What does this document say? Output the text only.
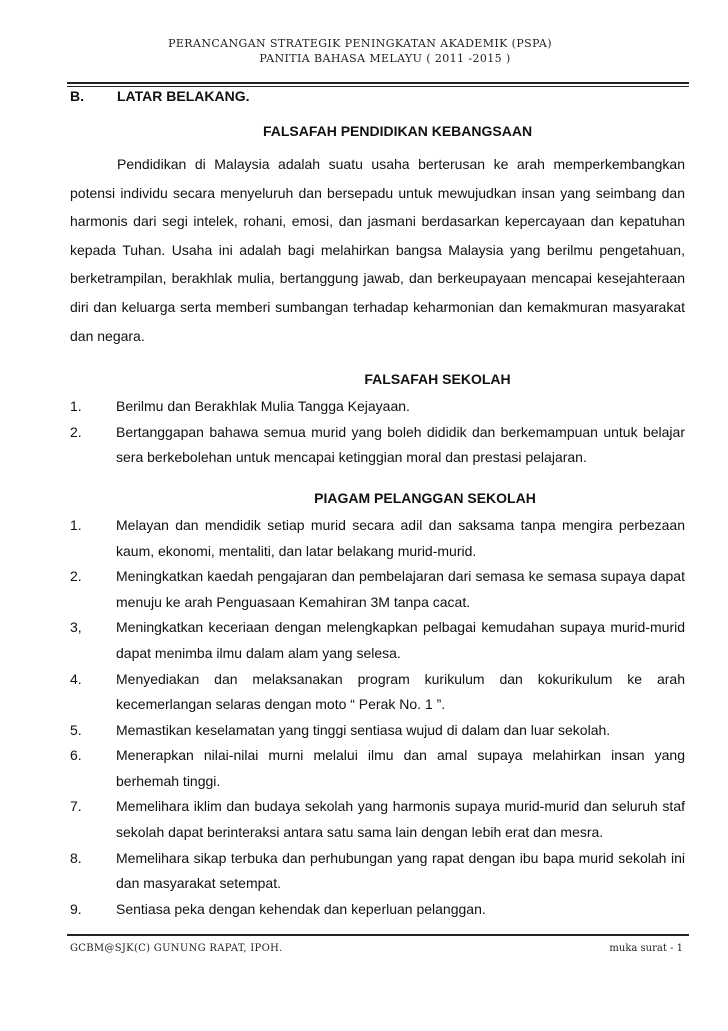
PERANCANGAN STRATEGIK PENINGKATAN AKADEMIK (PSPA)
PANITIA BAHASA MELAYU ( 2011 -2015 )
B. LATAR BELAKANG.

FALSAFAH PENDIDIKAN KEBANGSAAN

Pendidikan di Malaysia adalah suatu usaha berterusan ke arah memperkembangkan potensi individu secara menyeluruh dan bersepadu untuk mewujudkan insan yang seimbang dan harmonis dari segi intelek, rohani, emosi, dan jasmani berdasarkan kepercayaan dan kepatuhan kepada Tuhan. Usaha ini adalah bagi melahirkan bangsa Malaysia yang berilmu pengetahuan, berketrampilan, berakhlak mulia, bertanggung jawab, dan berkeupayaan mencapai kesejahteraan diri dan keluarga serta memberi sumbangan terhadap keharmonian dan kemakmuran masyarakat dan negara.

FALSAFAH SEKOLAH

1. Berilmu dan Berakhlak Mulia Tangga Kejayaan.
2. Bertanggapan bahawa semua murid yang boleh dididik dan berkemampuan untuk belajar sera berkebolehan untuk mencapai ketinggian moral dan prestasi pelajaran.

PIAGAM PELANGGAN SEKOLAH

1. Melayan dan mendidik setiap murid secara adil dan saksama tanpa mengira perbezaan kaum, ekonomi, mentaliti, dan latar belakang murid-murid.
2. Meningkatkan kaedah pengajaran dan pembelajaran dari semasa ke semasa supaya dapat menuju ke arah Penguasaan Kemahiran 3M tanpa cacat.
3, Meningkatkan keceriaan dengan melengkapkan pelbagai kemudahan supaya murid-murid dapat menimba ilmu dalam alam yang selesa.
4. Menyediakan dan melaksanakan program kurikulum dan kokurikulum ke arah kecemerlangan selaras dengan moto “ Perak No. 1 ”.
5. Memastikan keselamatan yang tinggi sentiasa wujud di dalam dan luar sekolah.
6. Menerapkan nilai-nilai murni melalui ilmu dan amal supaya melahirkan insan yang berhemah tinggi.
7. Memelihara iklim dan budaya sekolah yang harmonis supaya murid-murid dan seluruh staf sekolah dapat berinteraksi antara satu sama lain dengan lebih erat dan mesra.
8. Memelihara sikap terbuka dan perhubungan yang rapat dengan ibu bapa murid sekolah ini dan masyarakat setempat.
9. Sentiasa peka dengan kehendak dan keperluan pelanggan.
GCBM@SJK(C) GUNUNG RAPAT, IPOH.	muka surat - 1
